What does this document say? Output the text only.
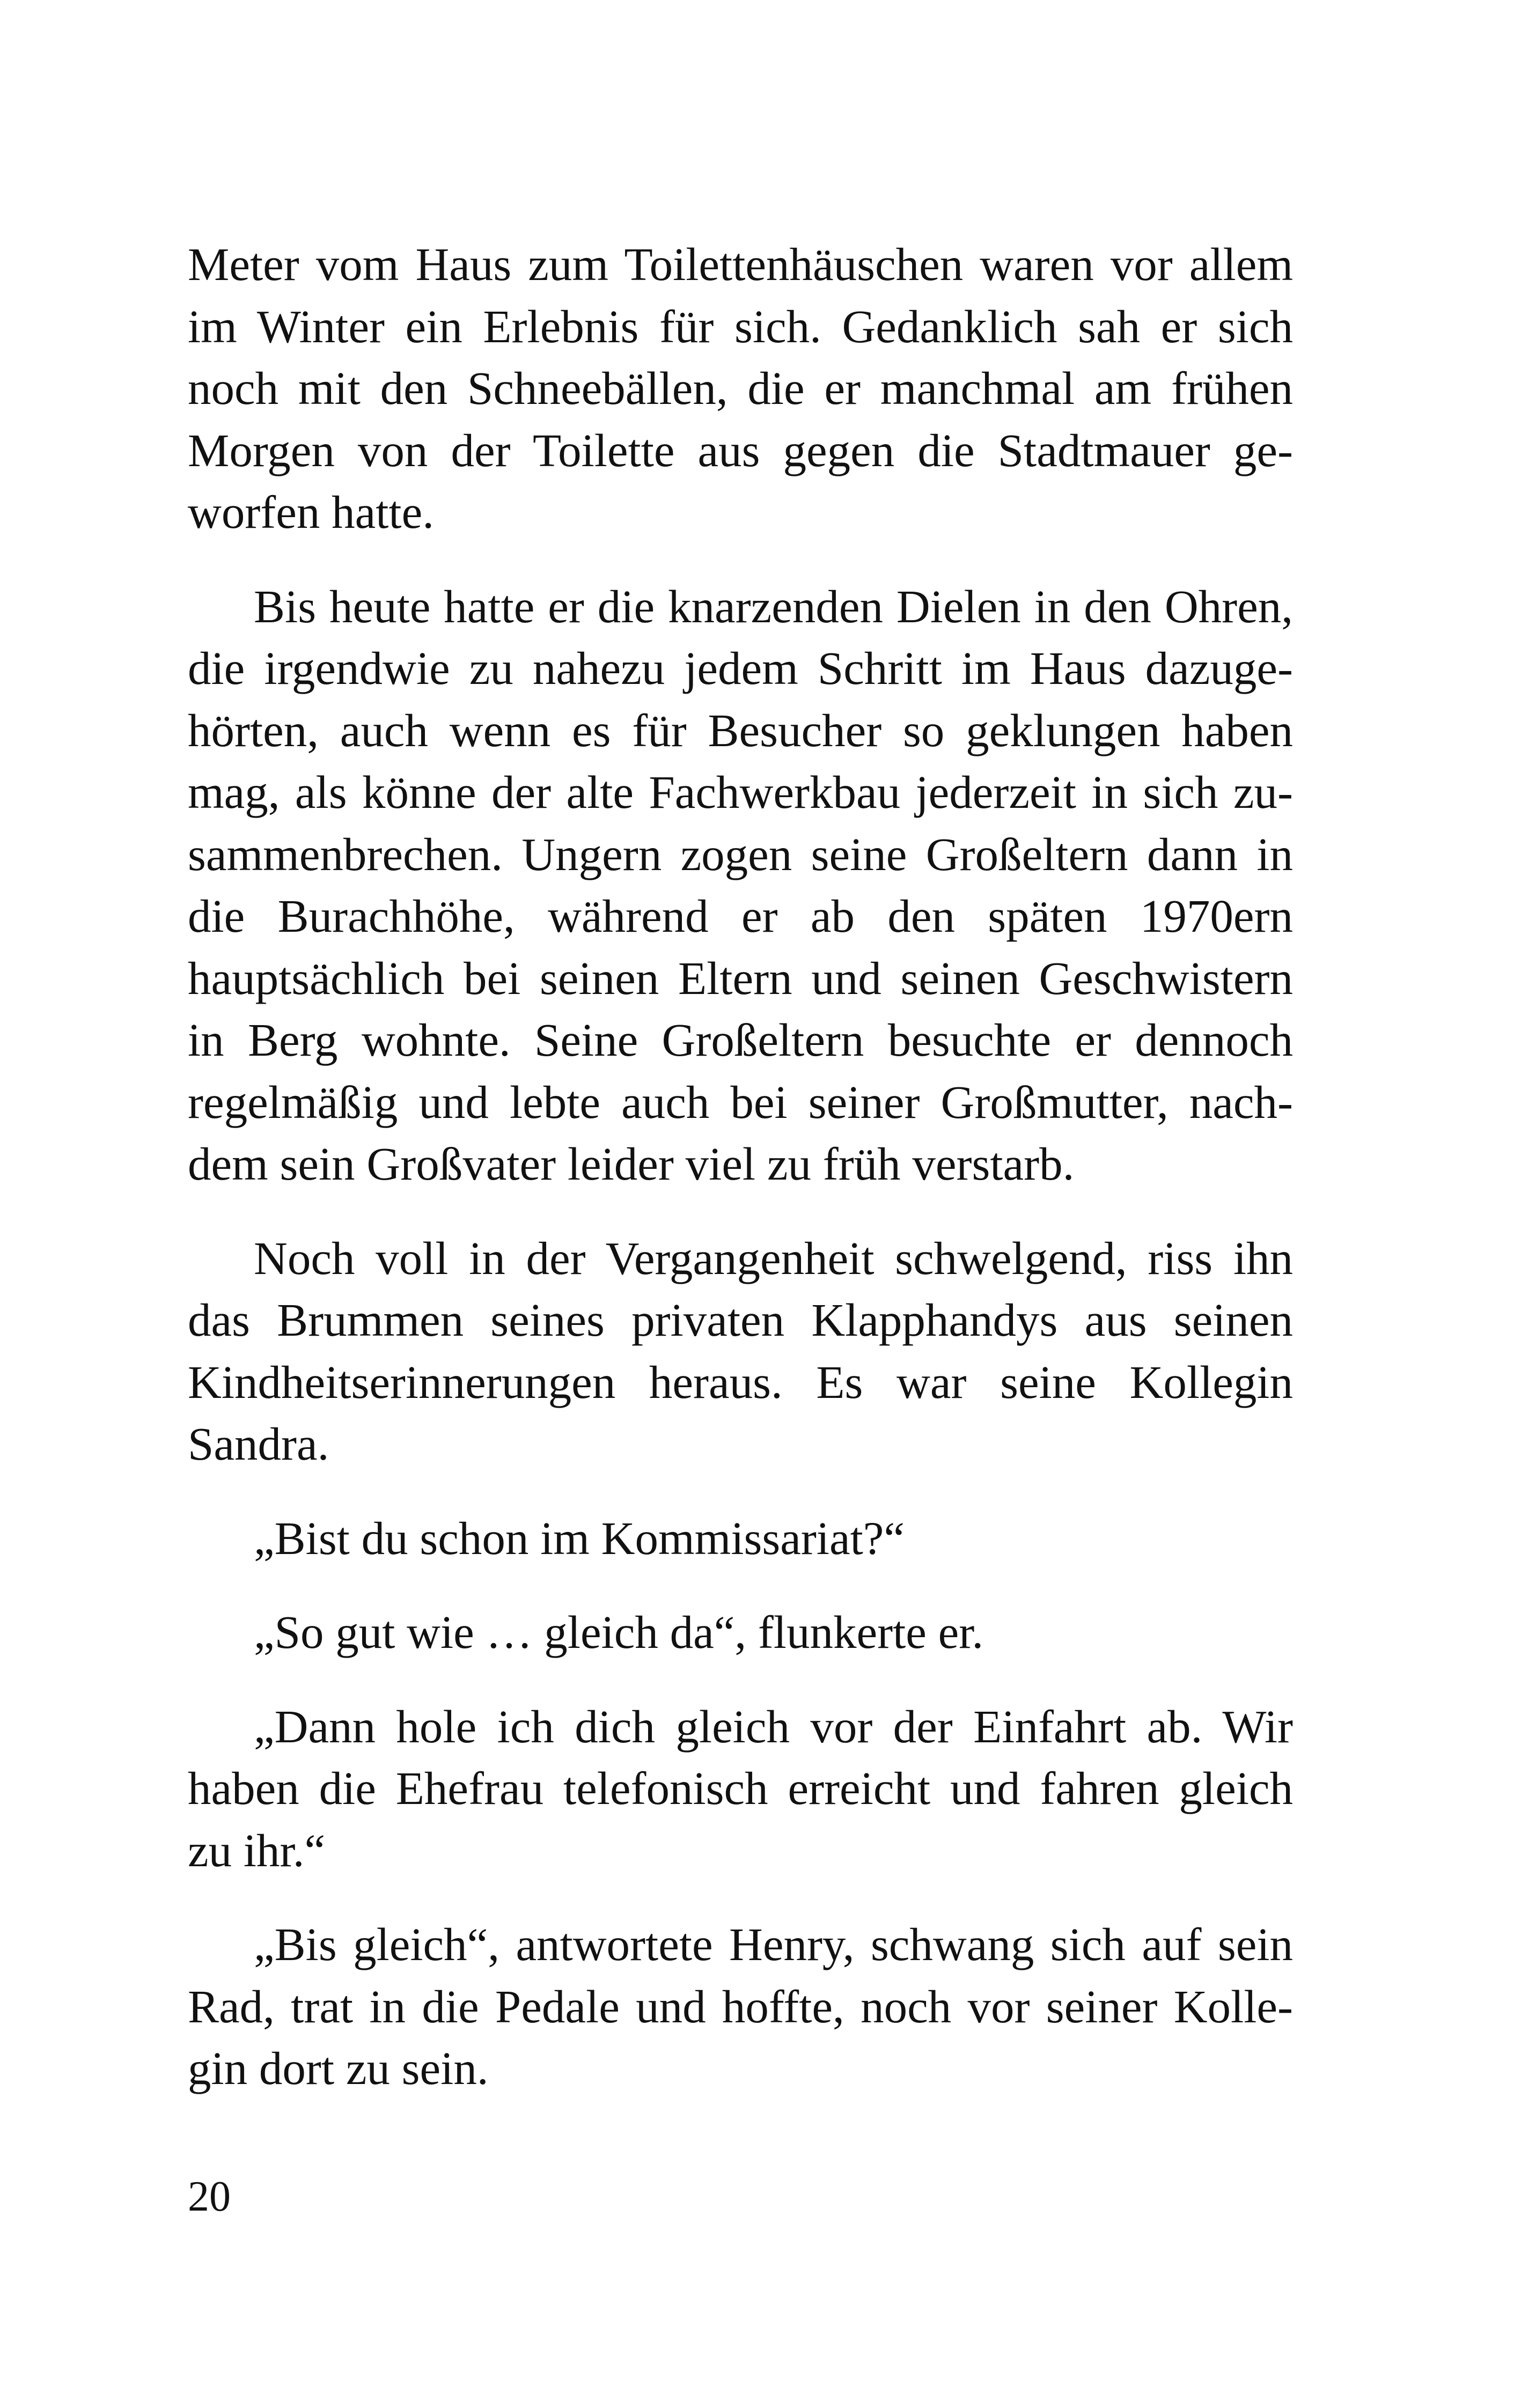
Meter vom Haus zum Toilettenhäuschen waren vor allem
im Winter ein Erlebnis für sich. Gedanklich sah er sich
noch mit den Schneebällen, die er manchmal am frühen
Morgen von der Toilette aus gegen die Stadtmauer ge-
worfen hatte.
Bis heute hatte er die knarzenden Dielen in den Ohren,
die irgendwie zu nahezu jedem Schritt im Haus dazuge-
hörten, auch wenn es für Besucher so geklungen haben
mag, als könne der alte Fachwerkbau jederzeit in sich zu-
sammenbrechen. Ungern zogen seine Großeltern dann in
die Burachhöhe, während er ab den späten 1970ern
hauptsächlich bei seinen Eltern und seinen Geschwistern
in Berg wohnte. Seine Großeltern besuchte er dennoch
regelmäßig und lebte auch bei seiner Großmutter, nach-
dem sein Großvater leider viel zu früh verstarb.
Noch voll in der Vergangenheit schwelgend, riss ihn
das Brummen seines privaten Klapphandys aus seinen
Kindheitserinnerungen heraus. Es war seine Kollegin
Sandra.
„Bist du schon im Kommissariat?“
„So gut wie … gleich da“, flunkerte er.
„Dann hole ich dich gleich vor der Einfahrt ab. Wir
haben die Ehefrau telefonisch erreicht und fahren gleich
zu ihr.“
„Bis gleich“, antwortete Henry, schwang sich auf sein
Rad, trat in die Pedale und hoffte, noch vor seiner Kolle-
gin dort zu sein.
20
